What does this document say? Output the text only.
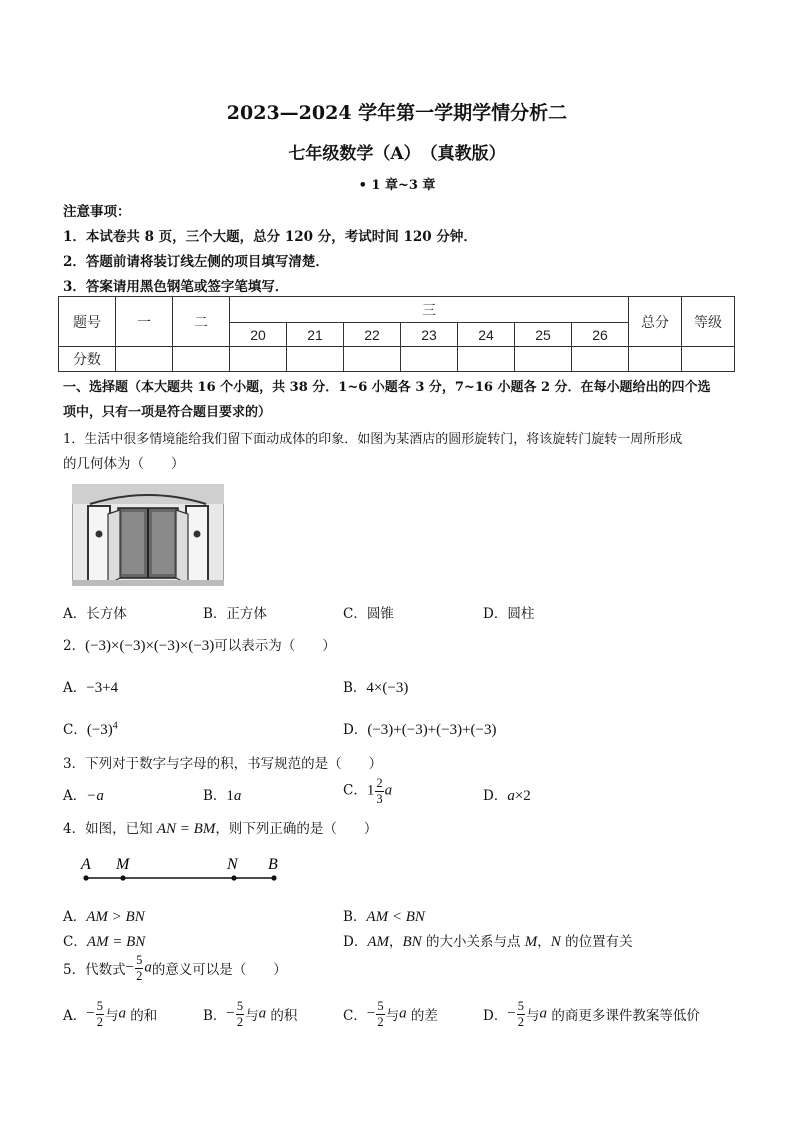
2023—2024 学年第一学期学情分析二
七年级数学（A）　（真教版）
• 1 章~3 章
注意事项：
1．本试卷共 8 页，三个大题，总分 120 分，考试时间 120 分钟．
2．答题前请将装订线左侧的项目填写清楚．
3．答案请用黑色钢笔或签字笔填写．
题号	一	二	三							总分	等级
			20	21	22	23	24	25	26		
分数											
一、选择题（本大题共 16 个小题，共 38 分．1~6 小题各 3 分，7~16 小题各 2 分．在每小题给出的四个选
项中，只有一项是符合题目要求的）
1．生活中很多情境能给我们留下面动成体的印象．如图为某酒店的圆形旋转门，将该旋转门旋转一周所形成
的几何体为（　　）
A．长方体	B．正方体	C．圆锥	D．圆柱
2．(−3)×(−3)×(−3)×(−3)可以表示为（　　）
A．−3+4	B．4×(−3)
C．$(-3)^4$	D．(−3)+(−3)+(−3)+(−3)
3．下列对于数字与字母的积，书写规范的是（　　）
A．−a	B．1a	C．$1 \frac{2}{3}$ a	D．a×2
4．如图，已知 AN = BM，则下列正确的是（　　）
A M	N B
A．AM > BN	B．AM < BN
C．AM = BN	D．AM，BN 的大小关系与点 M，N 的位置有关
5．代数式− $\frac{5}{2}$ a的意义可以是（　　）
A．− $\frac{5}{2}$ 与a 的和	B．− $\frac{5}{2}$ 与a 的积	C．− $\frac{5}{2}$ 与a 的差	D．− $\frac{5}{2}$ 与a 的商更多课件教案等低价
